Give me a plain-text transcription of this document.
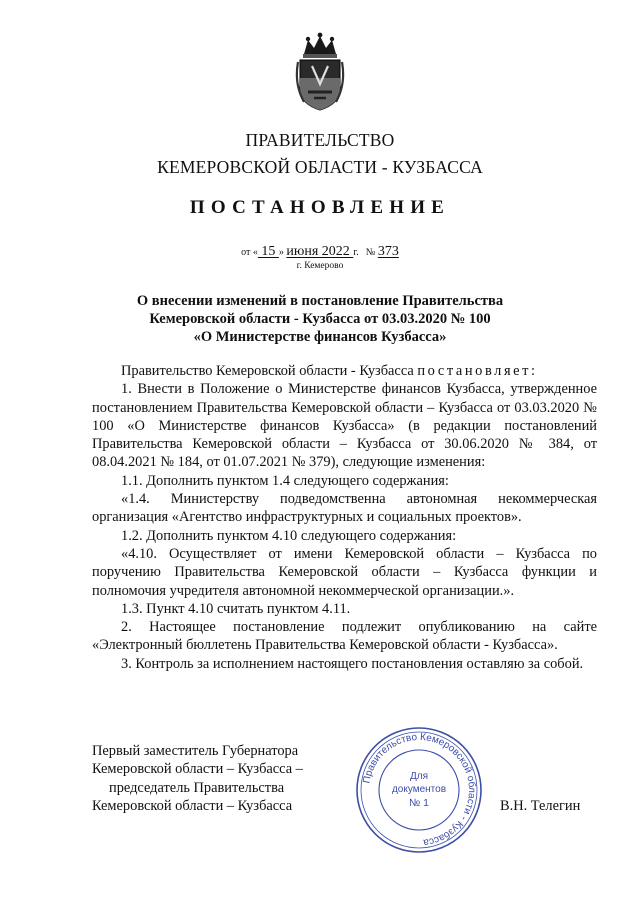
ПРАВИТЕЛЬСТВО
КЕМЕРОВСКОЙ ОБЛАСТИ - КУЗБАССА
ПОСТАНОВЛЕНИЕ
от « 15 » июня 2022 г. № 373
г. Кемерово
О внесении изменений в постановление Правительства
Кемеровской области - Кузбасса от 03.03.2020 № 100
«О Министерстве финансов Кузбасса»

Правительство Кемеровской области - Кузбасса постановляет:

1. Внести в Положение о Министерстве финансов Кузбасса, утвержденное постановлением Правительства Кемеровской области – Кузбасса от 03.03.2020 № 100 «О Министерстве финансов Кузбасса» (в редакции постановлений Правительства Кемеровской области – Кузбасса от 30.06.2020 № 384, от 08.04.2021 № 184, от 01.07.2021 № 379), следующие изменения:

1.1. Дополнить пунктом 1.4 следующего содержания:

«1.4. Министерству подведомственна автономная некоммерческая организация «Агентство инфраструктурных и социальных проектов».

1.2. Дополнить пунктом 4.10 следующего содержания:

«4.10. Осуществляет от имени Кемеровской области – Кузбасса по поручению Правительства Кемеровской области – Кузбасса функции и полномочия учредителя автономной некоммерческой организации.».

1.3. Пункт 4.10 считать пунктом 4.11.

2. Настоящее постановление подлежит опубликованию на сайте «Электронный бюллетень Правительства Кемеровской области - Кузбасса».

3. Контроль за исполнением настоящего постановления оставляю за собой.

Первый заместитель Губернатора
Кемеровской области – Кузбасса –
председатель Правительства
Кемеровской области – Кузбасса
Правительство Кемеровской области - Кузбасса
Для
документов
№ 1	В.Н. Телегин
